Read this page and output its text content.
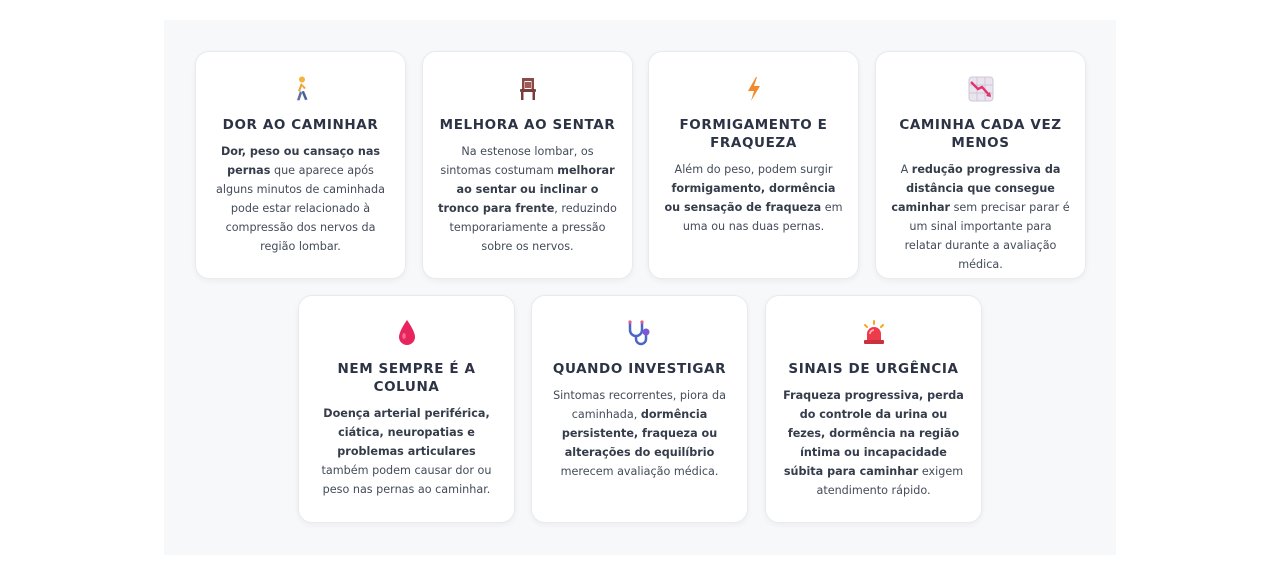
DOR AO CAMINHAR
Dor, peso ou cansaço nas pernas que aparece após alguns minutos de caminhada pode estar relacionado à compressão dos nervos da região lombar.
MELHORA AO SENTAR
Na estenose lombar, os sintomas costumam melhorar ao sentar ou inclinar o tronco para frente, reduzindo temporariamente a pressão sobre os nervos.
FORMIGAMENTO E FRAQUEZA
Além do peso, podem surgir formigamento, dormência ou sensação de fraqueza em uma ou nas duas pernas.
CAMINHA CADA VEZ MENOS
A redução progressiva da distância que consegue caminhar sem precisar parar é um sinal importante para relatar durante a avaliação médica.
NEM SEMPRE É A COLUNA
Doença arterial periférica, ciática, neuropatias e problemas articulares também podem causar dor ou peso nas pernas ao caminhar.
QUANDO INVESTIGAR
Sintomas recorrentes, piora da caminhada, dormência persistente, fraqueza ou alterações do equilíbrio merecem avaliação médica.
SINAIS DE URGÊNCIA
Fraqueza progressiva, perda do controle da urina ou fezes, dormência na região íntima ou incapacidade súbita para caminhar exigem atendimento rápido.
